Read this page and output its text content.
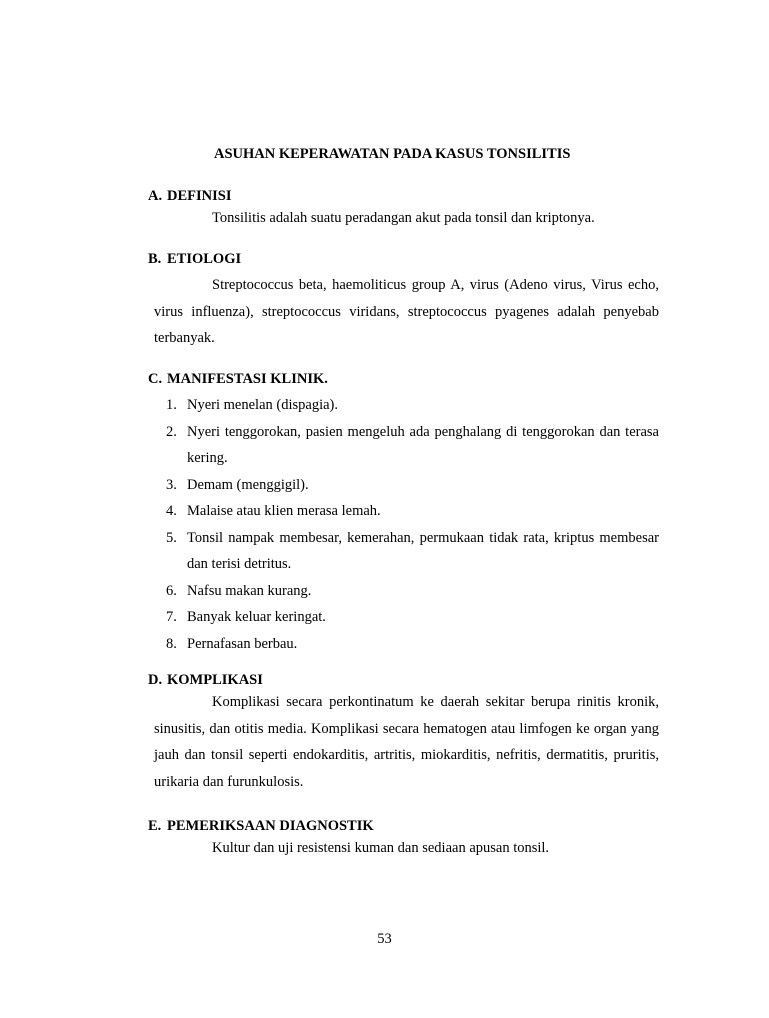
ASUHAN KEPERAWATAN PADA KASUS TONSILITIS
A. DEFINISI

Tonsilitis adalah suatu peradangan akut pada tonsil dan kriptonya.

B. ETIOLOGI

Streptococcus beta, haemoliticus group A, virus (Adeno virus, Virus echo, virus influenza), streptococcus viridans, streptococcus pyagenes adalah penyebab terbanyak.

C. MANIFESTASI KLINIK.
1. Nyeri menelan (dispagia).
2. Nyeri tenggorokan, pasien mengeluh ada penghalang di tenggorokan dan terasa kering.
3. Demam (menggigil).
4. Malaise atau klien merasa lemah.
5. Tonsil nampak membesar, kemerahan, permukaan tidak rata, kriptus membesar dan terisi detritus.
6. Nafsu makan kurang.
7. Banyak keluar keringat.
8. Pernafasan berbau.
D. KOMPLIKASI

Komplikasi secara perkontinatum ke daerah sekitar berupa rinitis kronik, sinusitis, dan otitis media. Komplikasi secara hematogen atau limfogen ke organ yang jauh dan tonsil seperti endokarditis, artritis, miokarditis, nefritis, dermatitis, pruritis, urikaria dan furunkulosis.

E. PEMERIKSAAN DIAGNOSTIK

Kultur dan uji resistensi kuman dan sediaan apusan tonsil.

53
